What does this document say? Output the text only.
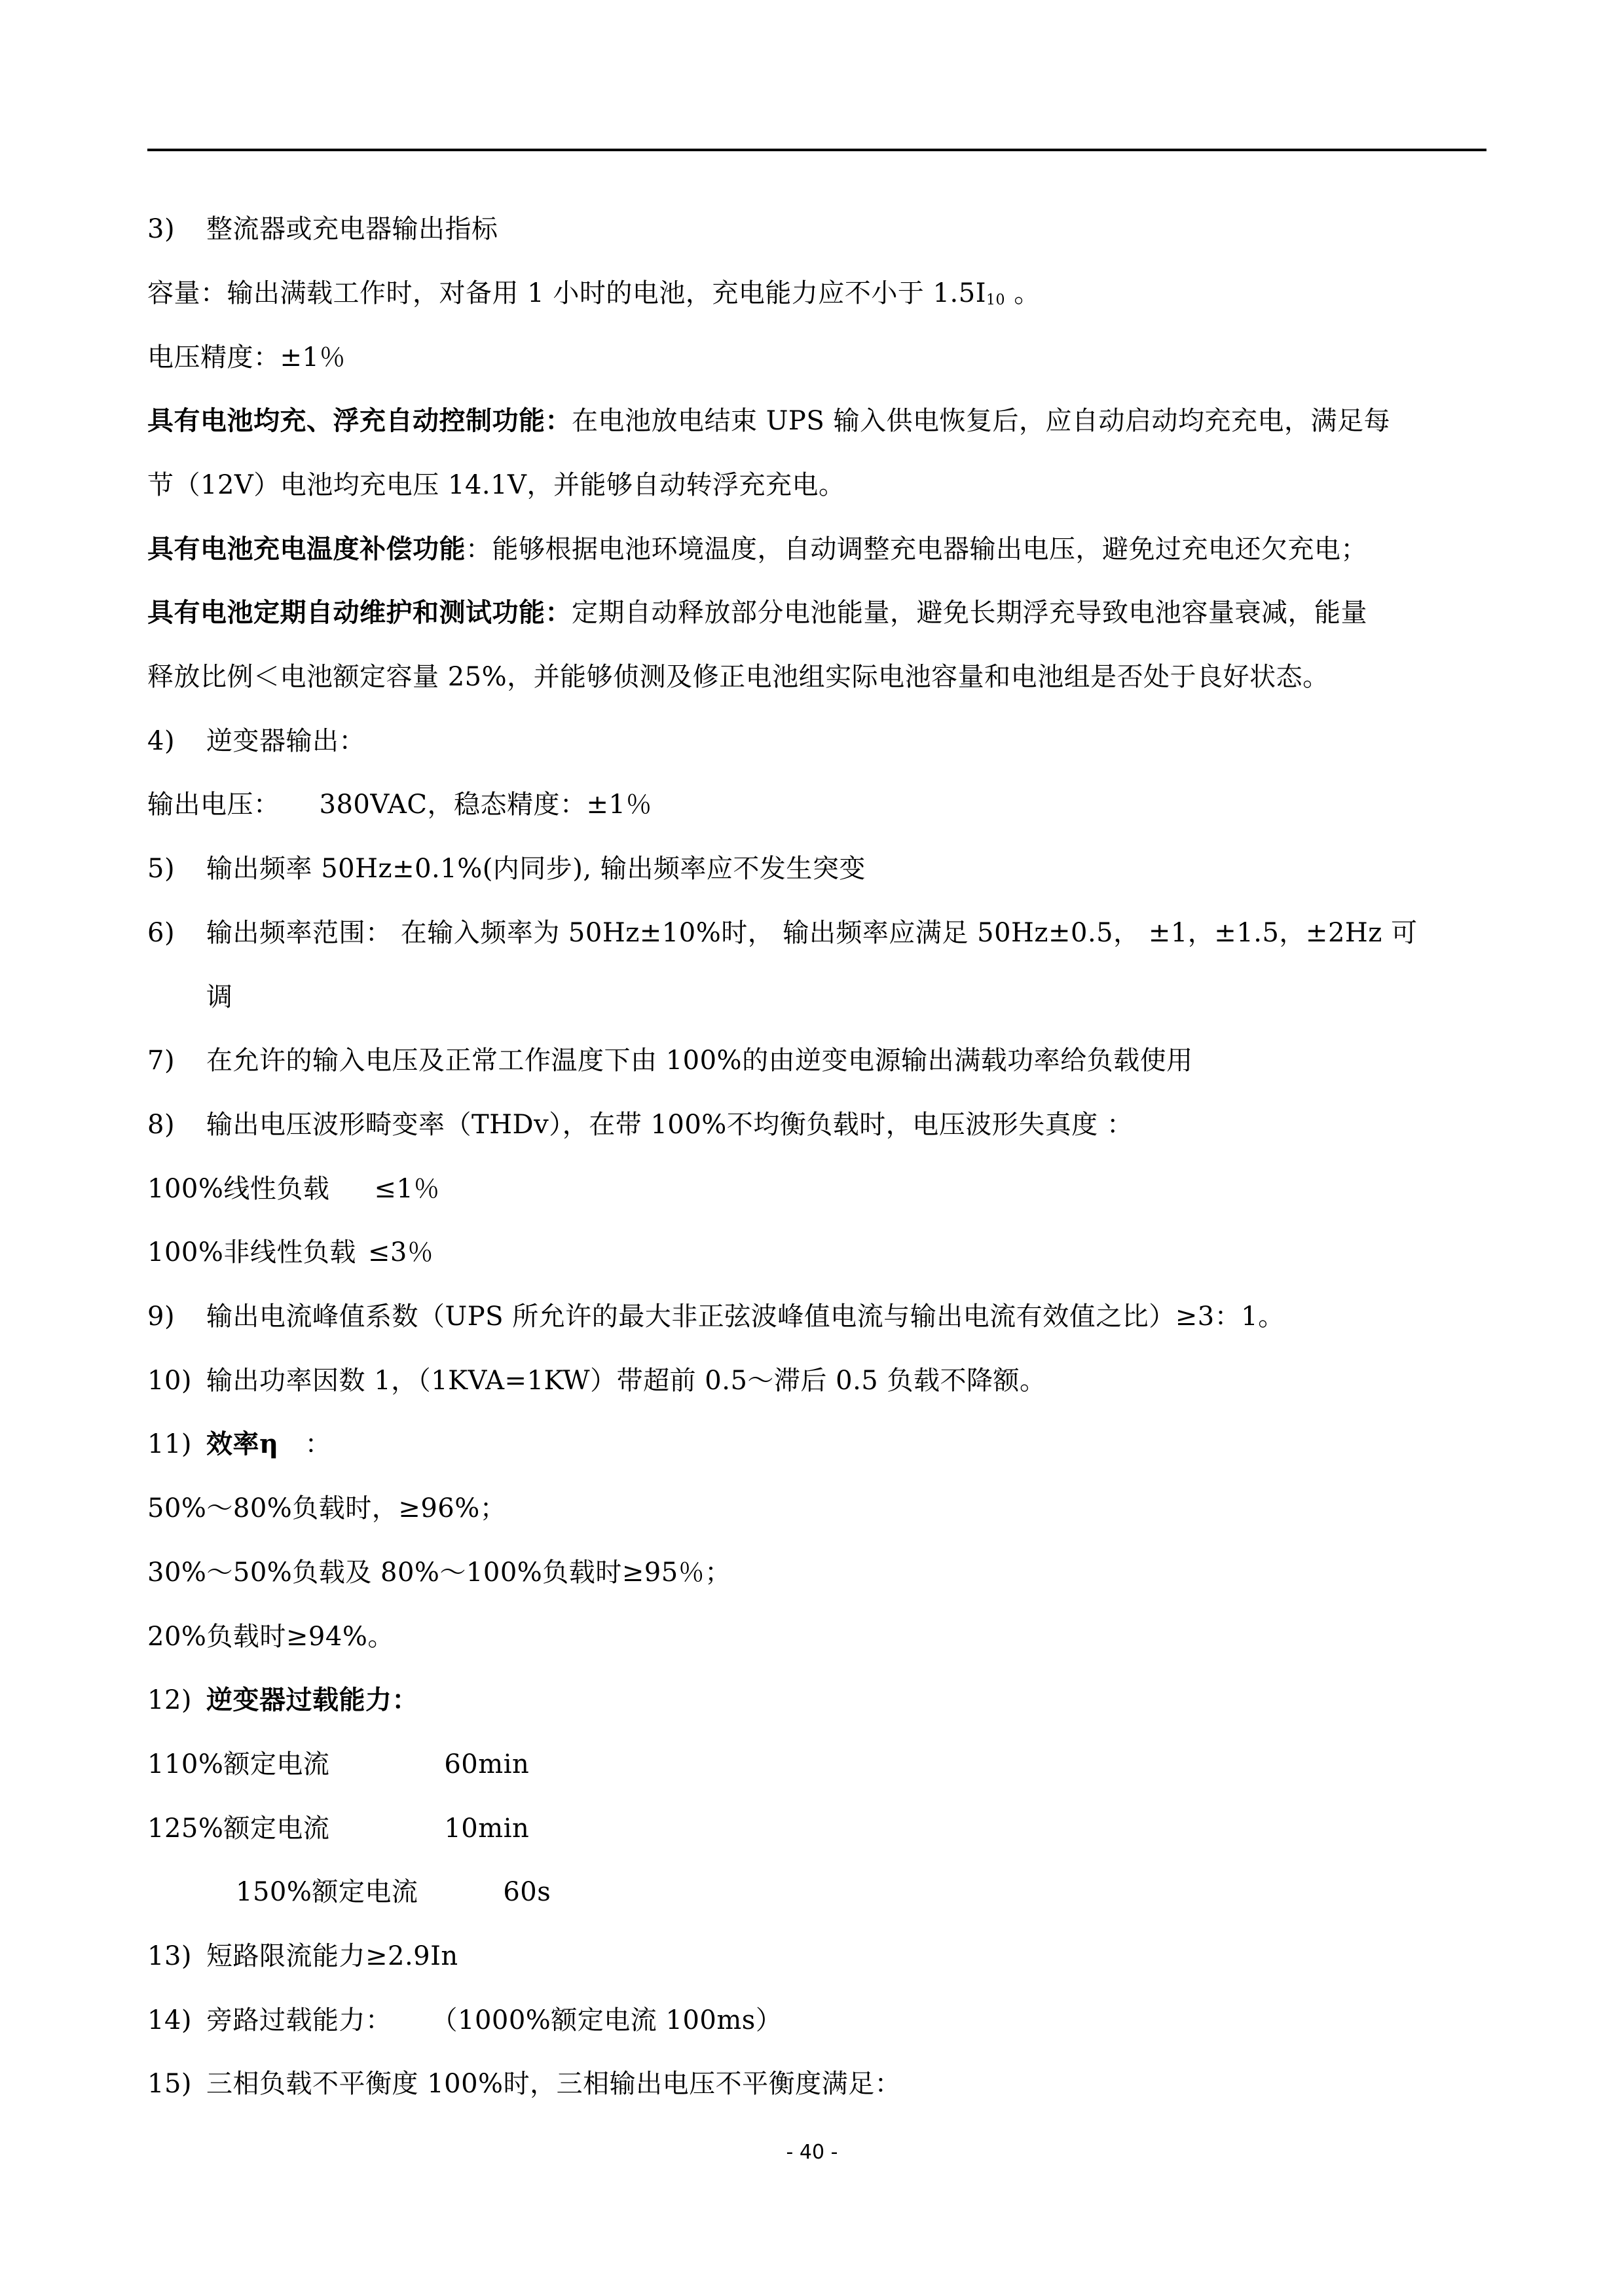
3) 整流器或充电器输出指标
容量：输出满载工作时，对备用 1 小时的电池，充电能力应不小于 $1.5I_{10}$ 。
电压精度：±1％
具有电池均充、浮充自动控制功能：在电池放电结束 UPS 输入供电恢复后，应自动启动均充充电，满足每
节（12V）电池均充电压 14.1V，并能够自动转浮充充电。
具有电池充电温度补偿功能：能够根据电池环境温度，自动调整充电器输出电压，避免过充电还欠充电；
具有电池定期自动维护和测试功能：定期自动释放部分电池能量，避免长期浮充导致电池容量衰减，能量
释放比例＜电池额定容量 25%，并能够侦测及修正电池组实际电池容量和电池组是否处于良好状态。
4) 逆变器输出：
输出电压： 380VAC，稳态精度：±1％
5) 输出频率 50Hz±0.1%(内同步), 输出频率应不发生突变
6) 输出频率范围： 在输入频率为 50Hz±10%时， 输出频率应满足 50Hz±0.5， ±1，±1.5，±2Hz 可
调
7) 在允许的输入电压及正常工作温度下由 100%的由逆变电源输出满载功率给负载使用
8) 输出电压波形畸变率（THDv），在带 100%不均衡负载时，电压波形失真度 ：
100%线性负载 ≤1％
100%非线性负载 ≤3％
9) 输出电流峰值系数（UPS 所允许的最大非正弦波峰值电流与输出电流有效值之比）≥3：1。
10) 输出功率因数 1，（1KVA=1KW）带超前 0.5～滞后 0.5 负载不降额。
11) 效率η ：
50%～80%负载时，≥96%；
30%～50%负载及 80%～100%负载时≥95％；
20%负载时≥94%。
12) 逆变器过载能力：
110%额定电流	60min
125%额定电流	10min
150%额定电流	60s
13) 短路限流能力≥2.9In
14) 旁路过载能力： （1000%额定电流 100ms）
15) 三相负载不平衡度 100%时，三相输出电压不平衡度满足：
- 40 -
